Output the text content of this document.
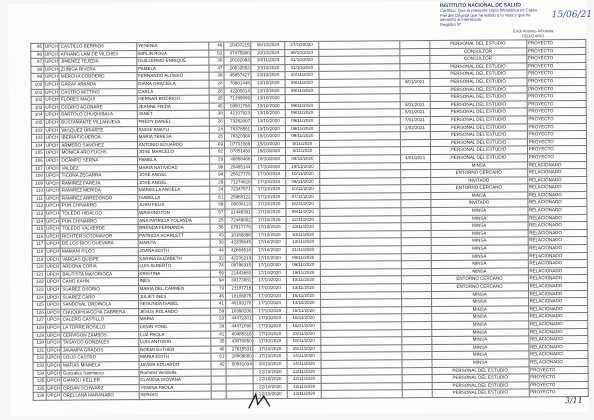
INSTITUTO NACIONAL DE SALUD
Certifico: Que la presente copia fotostática es Copia
Fiel del Original que he tenido a la vista y que he
devuelto al interesado.
Registro N°
15/06/21
Erick Antonio Arboleda
FEDATARIO
95	UPCH	CASTILLO BERRIOS	YESENIA	46	20437215	06/10/2020	27/10/2020			PERSONAL DEL ESTUDIO	PROYECTO
96	UPCH	APHANG LAM DE VILCHES	IMPLIN ROSA	53	07475980	10/10/2020	30/10/2020			CONSULTOR	PROYECTO
97	UPCH	JIMENEZ TEJEDA	GUILLERMO ENRIQUE	30	20182093	10/11/2020	31/10/2020			CONSULTOR	PROYECTO
98	UPCH	ZUÑIGA RIVERA	PAMELA	47	20533553	10/10/2020	31/10/2020			PERSONAL DEL ESTUDIO	PROYECTO
99	UPCH	MERCHA CORDERO	FERNANDO ALONSO	38	45857427	13/10/2020	10/11/2020			PERSONAL DEL ESTUDIO	PROYECTO
100	UPCH	GARAY ARANDA	DIANA GRACIELA	28	70681446	13/10/2020	09/11/2020		4/01/2021	PERSONAL DEL ESTUDIO	PROYECTO
101	UPCH	CASTRO WITTING	CARLA	26	42205814	13/10/2020	09/11/2020			PERSONAL DEL ESTUDIO	PROYECTO
102	UPCH	FLORES MAQUI	HERNAN RODRIGO	25	71399599	13/10/2020				PERSONAL DEL ESTUDIO	PROYECTO
103	UPCH	OSORIO AGONARE	JEANNE FRIDA	45	09501758	13/10/2020	09/11/2020		4/01/2021	PERSONAL DEL ESTUDIO	PROYECTO
104	UPCH	BARTOLO CHUQUIBALA	JANET	38	42107923	13/10/2020	09/11/2020		5/01/2021	PERSONAL DEL ESTUDIO	PROYECTO
105	UPCH	BUSTAMANTE VILLANUEVA	FREDY DANIEL	26	73262007	13/10/2020	09/11/2020		7/01/2021	PERSONAL DEL ESTUDIO	PROYECTO
103	UPCH	VASQUEZ URIARTE	ANGIE ANAYLI	24	76378551	13/10/2020	09/11/2020		2/02/2021	PERSONAL DEL ESTUDIO	PROYECTO
103	UPCH	IBERIA FIGUEROA	MARIA TERESA	25	76320360	15/10/2020	09/11/2020			PERSONAL DEL ESTUDIO	PROYECTO
104	UPCH	ARMERO SANCHEZ	ANTONIO EDUARDO	69	07731069	15/10/2020	5/11/2020			PERSONAL DEL ESTUDIO	PROYECTO
105	UPCH	MONICA ARO FUCHS	JOSE MARCELO	62	07851453	15/10/2020	5/11/2020			PERSONAL DEL ESTUDIO	PROYECTO
106	UPCH	OCAMPO SERNA	PAMELA	29	46868466	16/10/2020	09/11/2020		4/01/2021	PERSONAL DEL ESTUDIO	PROYECTO
107	UPCH	VALDEZ	MARIA NATIVIDAD	98	20485144	17/10/2020	19/11/2020			MINSA	RELACIONADO
108	UPCH	TICONA ZEGARRA	JOSE ANGEL	94	25827770	17/10/2020	10/11/2020			ENTORNO CERCANO	RELACIONADO
109	UPCH	RAMIREZ PAREJA	JOSE ANGEL	29	71274820	17/10/2020	09/11/2020			INVITADO	RELACIONADO
110	UPCH	RAMIREZ MERIDA	MARIELLA ANGELA	24	72347571	17/10/2020	10/11/2020			ENTORNO CERCANO	RELACIONADO
111	UPCH	RAMIREZ ARREDONDO	ISABELLA	51	25965122	17/10/2020	07/11/2020			MINSA	RELACIONADO
112	UPCH	PUN CHINARRO	JUAN FELIX	69	06038113	17/10/2020	18/11/2020			INVITADO	RELACIONADO
113	UPCH	TOLEDO HIDALGO	WASHINGTON	57	21446301	17/10/2020	09/11/2020			MINSA	RELACIONADO
114	UPCH	PUN CHINARRO	ANA PATRICIA YOLANDA	25	72449802	17/10/2020	12/11/2020			MINSA	RELACIONADO
115	UPCH	TOLEDO VALVERDE	BRENDA FERNANDA	56	07917776	17/10/2020	13/11/2020			MINSA	RELACIONADO
116	UPCH	RICHTER SOTOMAYOR	PATRICIA SCARLETT	43	18166896	17/10/2020	10/11/2020			MINSA	RELACIONADO
117	UPCH	DE LOS RIOS GUEVARA	MARITA	30	42205645	17/10/2020	13/11/2020			MINSA	RELACIONADO
118	UPCH	MAMANI PILCO	JOANA EDITH	44	42664516	17/10/2020	21/11/2020			MINSA	RELACIONADO
119	UPCH	VARGAS QUISPE	KARINA ELIZABETH	32	42206219	17/10/2020	09/11/2020			MINSA	RELACIONADO
120	UPCH	ARDONA CORIA	LUIS ALBERTO	74	08796315	17/10/2020	09/11/2020			MINSA	RELACIONADO
121	UPCH	BAUTISTA MAYORIOCA	KRISTINA	59	21443883	17/10/2020	19/11/2020			MINSA	RELACIONADO
122	UPCH	CANO KAHN	INES	94	30173881	17/10/2020	13/11/2020			ENTORNO CERCANO	RELACIONADO
123	UPCH	SUAREZ OSORIO	MARIA DEL CARMEN	73	21187715	17/10/2020	13/11/2020			ENTORNO CERCANO	RELACIONADO
124	UPCH	SUAREZ CARO	JULIET INES	46	18106875	17/10/2020	15/11/2020			MINSA	RELACIONADO
125	UPCH	SANDOVAL ORDINOLA	SEGUNDA ISABEL	41	40193178	17/10/2020	14/11/2020			MINSA	RELACIONADO
126	UPCH	CHUQUIHUACCHA CABRERA	JESUS ROLANDO	59	10398206	17/10/2020	16/11/2020			MINSA	RELACIONADO
127	UPCH	CALERO CASTILLO	MARIA	33	44472301	17/10/2020	16/11/2020			MINSA	RELACIONADO
128	UPCH	LA TORRE ROSILLO	LENIN YONIL	39	44472090	17/10/2020	16/11/2020			MINSA	RELACIONADO
129	UPCH	CERVIGON ZAMBOS	LUZ PAOLA	41	40485316	17/10/2020	23/11/2020			MINSA	RELACIONADO
130	UPCH	TASAYCO GONZALES	LUIS ANTONIO	35	43070850	17/10/2020	18/11/2020			MINSA	RELACIONADO
131	UPCH	JAVAMPA GRADOS	NOEMI ESTHER	46	27615531	17/10/2020	25/11/2020			MINSA	RELACIONADO
132	UPCH	SOLIS CASTRO	MARIA EDITH	51	18069680	17/10/2020	14/11/2020			MINSA	RELACIONADO
133	UPCH	MATIAS MINNELA	JAVIER EDUARDO	42	00841034	20/10/2020	14/11/2020			MINSA	RELACIONADO
134	UPCH	Gonzales Sanmarco	Rommel Veridiella			22/10/2020	22/11/2020			PERSONAL DEL ESTUDIO	PROYECTO
135	UPCH	GIANOLI KELLER	CLAUDIA GIOVANA			22/10/2020	12/11/2020			PERSONAL DEL ESTUDIO	PROYECTO
135	UPCH	OROAN SCHWARZ	YEMINA PAOLA			22/10/2020	12/11/2020			PERSONAL DEL ESTUDIO	PROYECTO
136	UPCH	ORELLANA MARANABO	SERGIO			22/10/2020	12/11/2020			PERSONAL DEL ESTUDIO	PROYECTO
3/11
